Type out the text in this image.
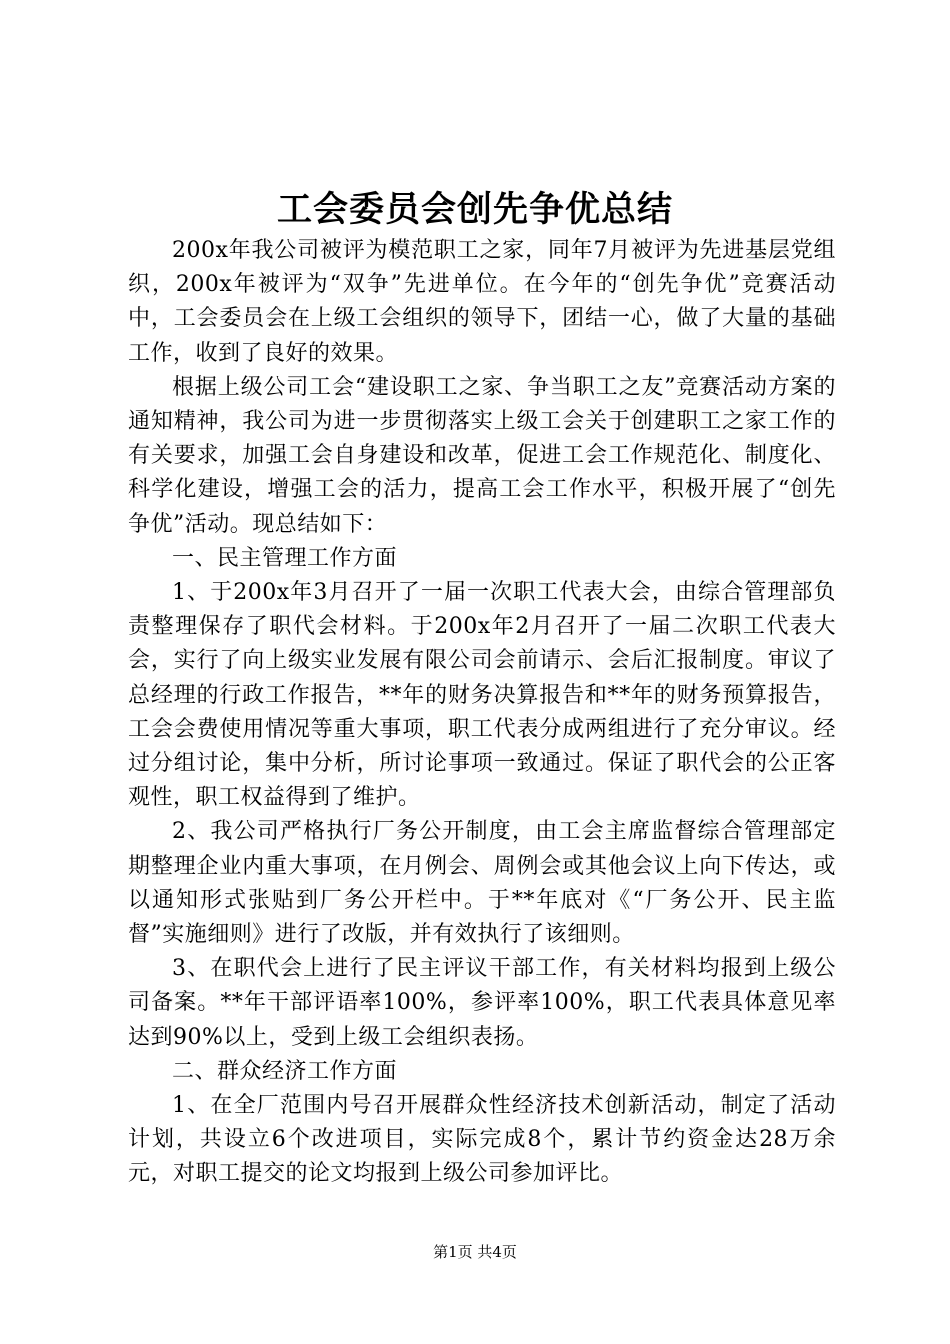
工会委员会创先争优总结

200x年我公司被评为模范职工之家，同年7月被评为先进基层党组织，200x年被评为“双争”先进单位。在今年的“创先争优”竞赛活动中，工会委员会在上级工会组织的领导下，团结一心，做了大量的基础工作，收到了良好的效果。

根据上级公司工会“建设职工之家、争当职工之友”竞赛活动方案的通知精神，我公司为进一步贯彻落实上级工会关于创建职工之家工作的有关要求，加强工会自身建设和改革，促进工会工作规范化、制度化、科学化建设，增强工会的活力，提高工会工作水平，积极开展了“创先争优”活动。现总结如下：

一、民主管理工作方面

1、于200x年3月召开了一届一次职工代表大会，由综合管理部负责整理保存了职代会材料。于200x年2月召开了一届二次职工代表大会，实行了向上级实业发展有限公司会前请示、会后汇报制度。审议了总经理的行政工作报告，**年的财务决算报告和**年的财务预算报告，工会会费使用情况等重大事项，职工代表分成两组进行了充分审议。经过分组讨论，集中分析，所讨论事项一致通过。保证了职代会的公正客观性，职工权益得到了维护。

2、我公司严格执行厂务公开制度，由工会主席监督综合管理部定期整理企业内重大事项，在月例会、周例会或其他会议上向下传达，或以通知形式张贴到厂务公开栏中。于**年底对《“厂务公开、民主监督”实施细则》进行了改版，并有效执行了该细则。

3、在职代会上进行了民主评议干部工作，有关材料均报到上级公司备案。**年干部评语率100%，参评率100%，职工代表具体意见率达到90%以上，受到上级工会组织表扬。

二、群众经济工作方面

1、在全厂范围内号召开展群众性经济技术创新活动，制定了活动计划，共设立6个改进项目，实际完成8个，累计节约资金达28万余元，对职工提交的论文均报到上级公司参加评比。

第1页 共4页
